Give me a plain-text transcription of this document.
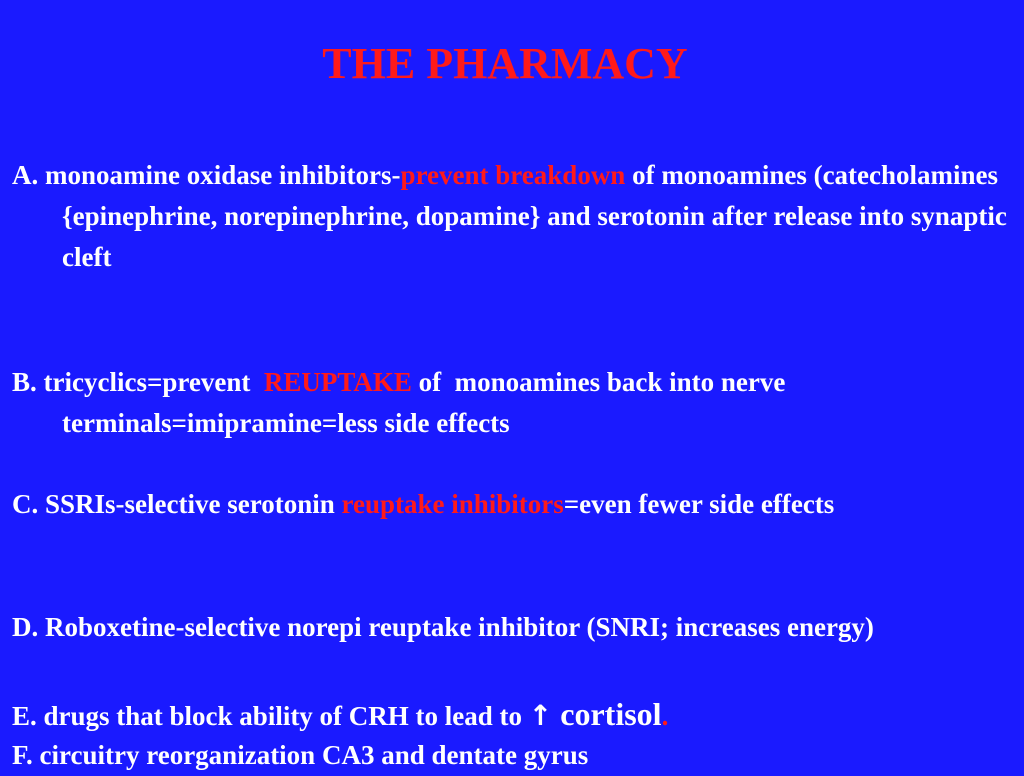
THE PHARMACY
A. monoamine oxidase inhibitors-prevent breakdown of monoamines (catecholamines {epinephrine, norepinephrine, dopamine} and serotonin after release into synaptic cleft
B. tricyclics=prevent  REUPTAKE of  monoamines back into nerve terminals=imipramine=less side effects
C. SSRIs-selective serotonin reuptake inhibitors=even fewer side effects
D. Roboxetine-selective norepi reuptake inhibitor (SNRI; increases energy)
E. drugs that block ability of CRH to lead to ↑ cortisol.
F. circuitry reorganization CA3 and dentate gyrus
